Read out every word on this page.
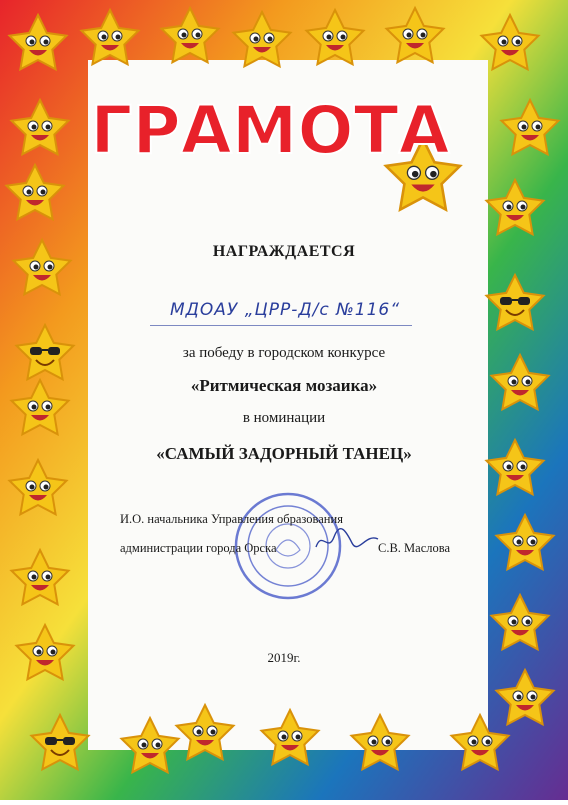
ГРАМОТА
НАГРАЖДАЕТСЯ
МДОАУ „ЦРР-Д/с №116“
за победу в городском конкурсе
«Ритмическая мозаика»
в номинации
«САМЫЙ ЗАДОРНЫЙ ТАНЕЦ»
И.О. начальника Управления образования
администрации города Орска	С.В. Маслова
2019г.
